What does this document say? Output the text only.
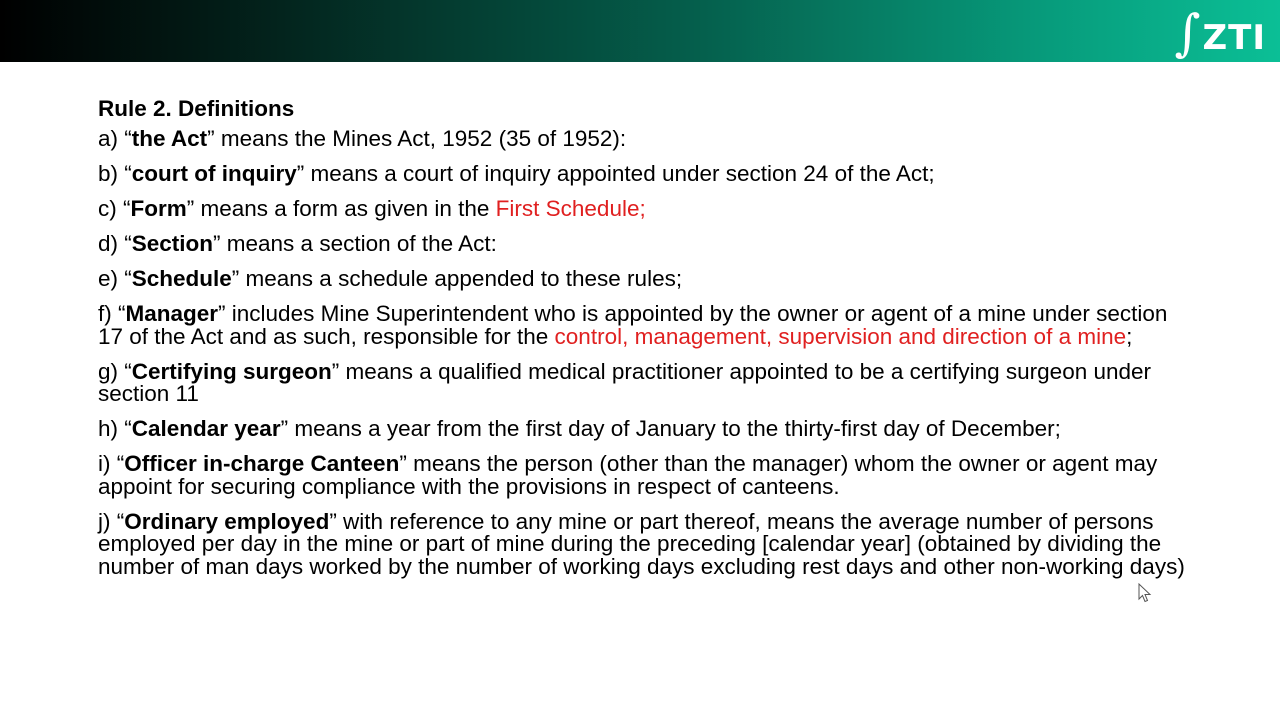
∫ ZTI
Rule 2. Definitions
a) “the Act” means the Mines Act, 1952 (35 of 1952):
b) “court of inquiry” means a court of inquiry appointed under section 24 of the Act;
c) “Form” means a form as given in the First Schedule;
d) “Section” means a section of the Act:
e) “Schedule” means a schedule appended to these rules;
f) “Manager” includes Mine Superintendent who is appointed by the owner or agent of a mine under section 17 of the Act and as such, responsible for the control, management, supervision and direction of a mine;
g) “Certifying surgeon” means a qualified medical practitioner appointed to be a certifying surgeon under section 11
h) “Calendar year” means a year from the first day of January to the thirty-first day of December;
i) “Officer in-charge Canteen” means the person (other than the manager) whom the owner or agent may appoint for securing compliance with the provisions in respect of canteens.
j) “Ordinary employed” with reference to any mine or part thereof, means the average number of persons employed per day in the mine or part of mine during the preceding [calendar year] (obtained by dividing the number of man days worked by the number of working days excluding rest days and other non-working days)
